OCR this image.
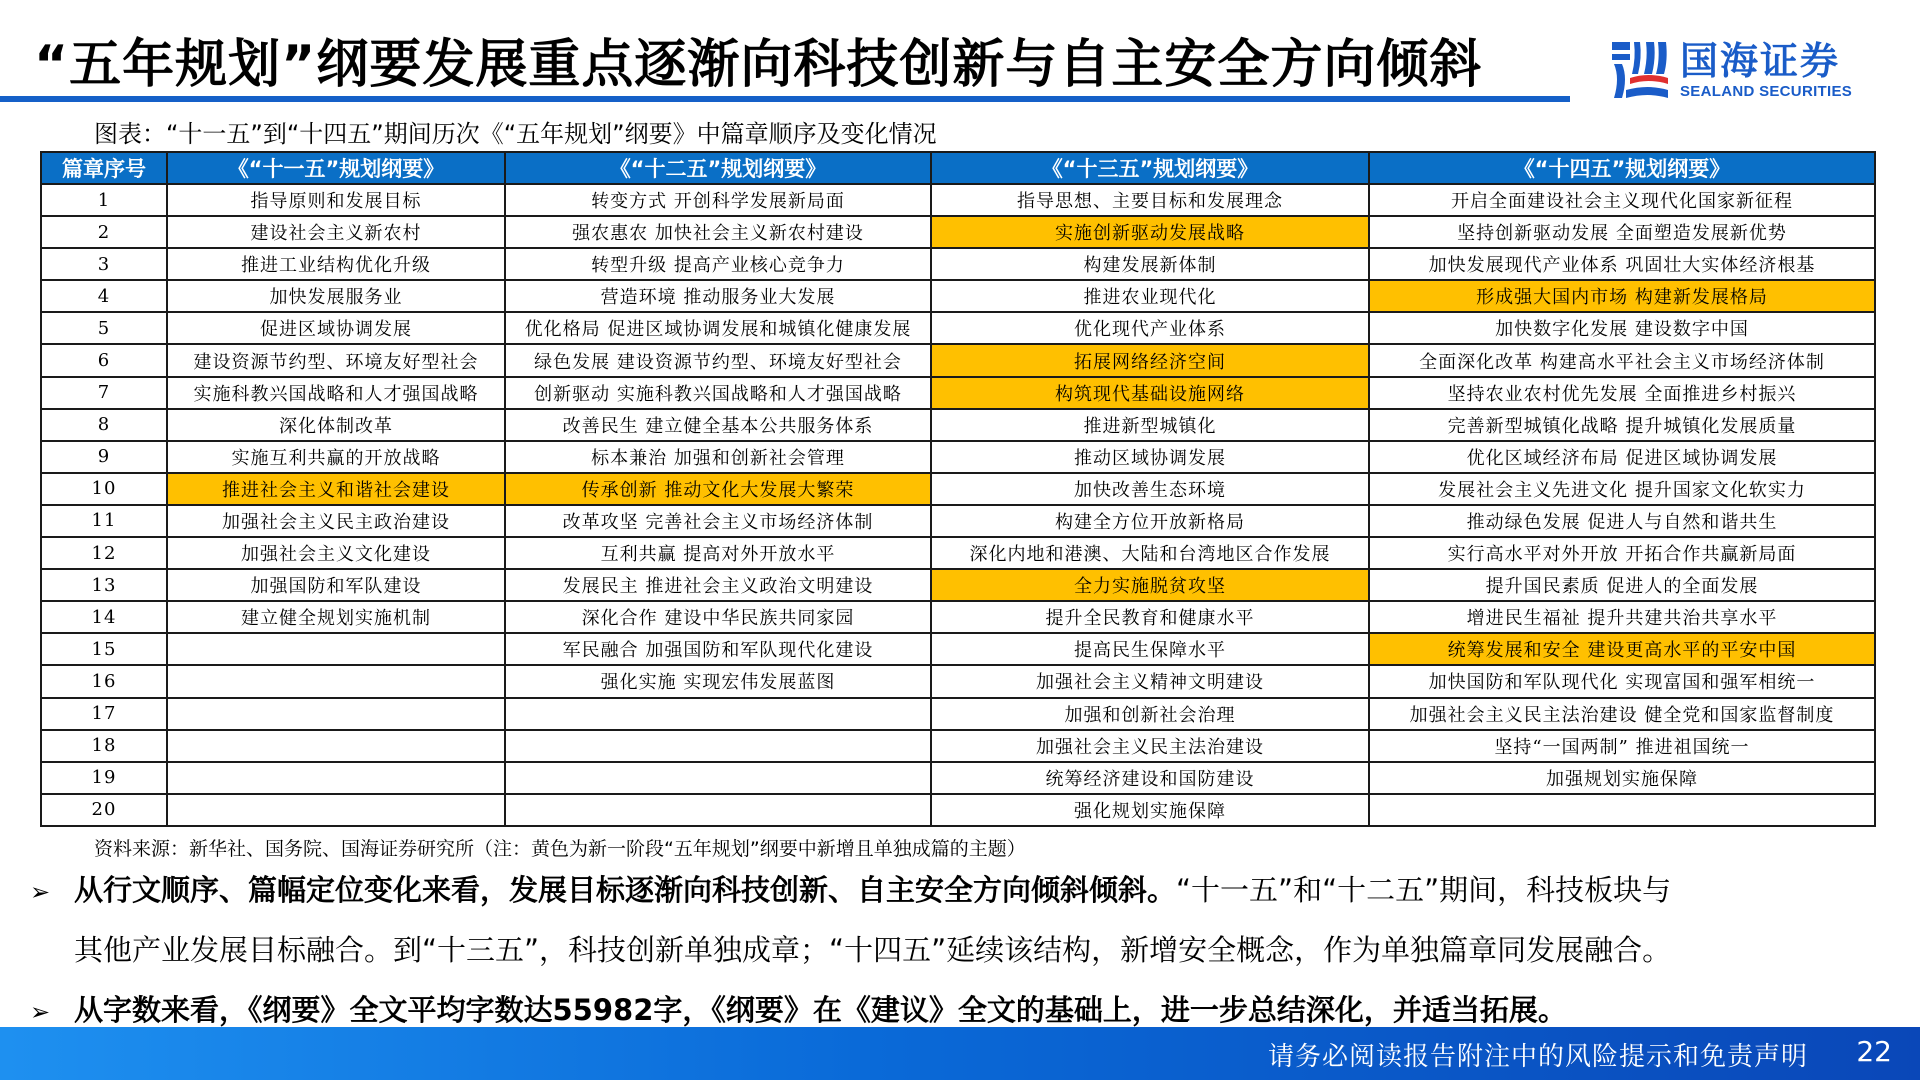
“五年规划”纲要发展重点逐渐向科技创新与自主安全方向倾斜	国海证券
SEALAND SECURITIES
图表：“十一五”到“十四五”期间历次《“五年规划”纲要》中篇章顺序及变化情况
篇章序号	《“十一五”规划纲要》	《“十二五”规划纲要》	《“十三五”规划纲要》	《“十四五”规划纲要》
1	指导原则和发展目标	转变方式 开创科学发展新局面	指导思想、主要目标和发展理念	开启全面建设社会主义现代化国家新征程
2	建设社会主义新农村	强农惠农 加快社会主义新农村建设	实施创新驱动发展战略	坚持创新驱动发展 全面塑造发展新优势
3	推进工业结构优化升级	转型升级 提高产业核心竞争力	构建发展新体制	加快发展现代产业体系 巩固壮大实体经济根基
4	加快发展服务业	营造环境 推动服务业大发展	推进农业现代化	形成强大国内市场 构建新发展格局
5	促进区域协调发展	优化格局 促进区域协调发展和城镇化健康发展	优化现代产业体系	加快数字化发展 建设数字中国
6	建设资源节约型、环境友好型社会	绿色发展 建设资源节约型、环境友好型社会	拓展网络经济空间	全面深化改革 构建高水平社会主义市场经济体制
7	实施科教兴国战略和人才强国战略	创新驱动 实施科教兴国战略和人才强国战略	构筑现代基础设施网络	坚持农业农村优先发展 全面推进乡村振兴
8	深化体制改革	改善民生 建立健全基本公共服务体系	推进新型城镇化	完善新型城镇化战略 提升城镇化发展质量
9	实施互利共赢的开放战略	标本兼治 加强和创新社会管理	推动区域协调发展	优化区域经济布局 促进区域协调发展
10	推进社会主义和谐社会建设	传承创新 推动文化大发展大繁荣	加快改善生态环境	发展社会主义先进文化 提升国家文化软实力
11	加强社会主义民主政治建设	改革攻坚 完善社会主义市场经济体制	构建全方位开放新格局	推动绿色发展 促进人与自然和谐共生
12	加强社会主义文化建设	互利共赢 提高对外开放水平	深化内地和港澳、大陆和台湾地区合作发展	实行高水平对外开放 开拓合作共赢新局面
13	加强国防和军队建设	发展民主 推进社会主义政治文明建设	全力实施脱贫攻坚	提升国民素质 促进人的全面发展
14	建立健全规划实施机制	深化合作 建设中华民族共同家园	提升全民教育和健康水平	增进民生福祉 提升共建共治共享水平
15		军民融合 加强国防和军队现代化建设	提高民生保障水平	统筹发展和安全 建设更高水平的平安中国
16		强化实施 实现宏伟发展蓝图	加强社会主义精神文明建设	加快国防和军队现代化 实现富国和强军相统一
17			加强和创新社会治理	加强社会主义民主法治建设 健全党和国家监督制度
18			加强社会主义民主法治建设	坚持“一国两制” 推进祖国统一
19			统筹经济建设和国防建设	加强规划实施保障
20			强化规划实施保障	
资料来源：新华社、国务院、国海证券研究所（注：黄色为新一阶段“五年规划”纲要中新增且单独成篇的主题）
➢ 从行文顺序、篇幅定位变化来看，发展目标逐渐向科技创新、自主安全方向倾斜倾斜。“十一五”和“十二五”期间，科技板块与
其他产业发展目标融合。到“十三五”，科技创新单独成章；“十四五”延续该结构，新增安全概念，作为单独篇章同发展融合。
➢ 从字数来看，《纲要》全文平均字数达55982字，《纲要》在《建议》全文的基础上，进一步总结深化，并适当拓展。
请务必阅读报告附注中的风险提示和免责声明 22
